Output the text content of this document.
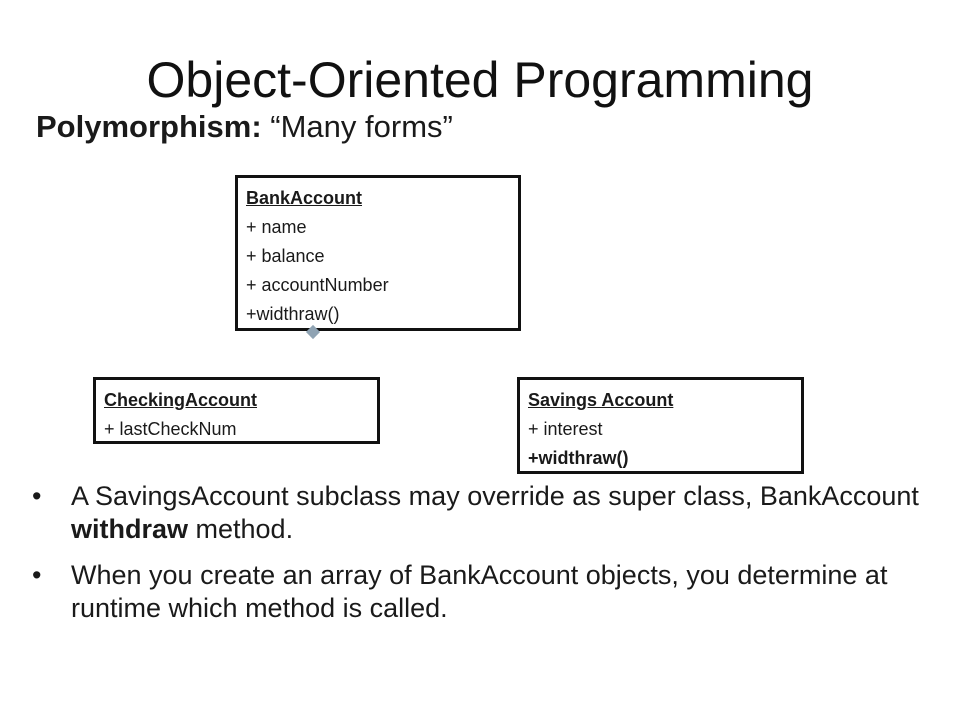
Object-Oriented Programming
Polymorphism: “Many forms”
BankAccount
+ name
+ balance
+ accountNumber
+widthraw()
CheckingAccount
+ lastCheckNum
Savings Account
+ interest
+widthraw()
•	A SavingsAccount subclass may override as super class, BankAccount withdraw method.
•	When you create an array of BankAccount objects, you determine at runtime which method is called.
